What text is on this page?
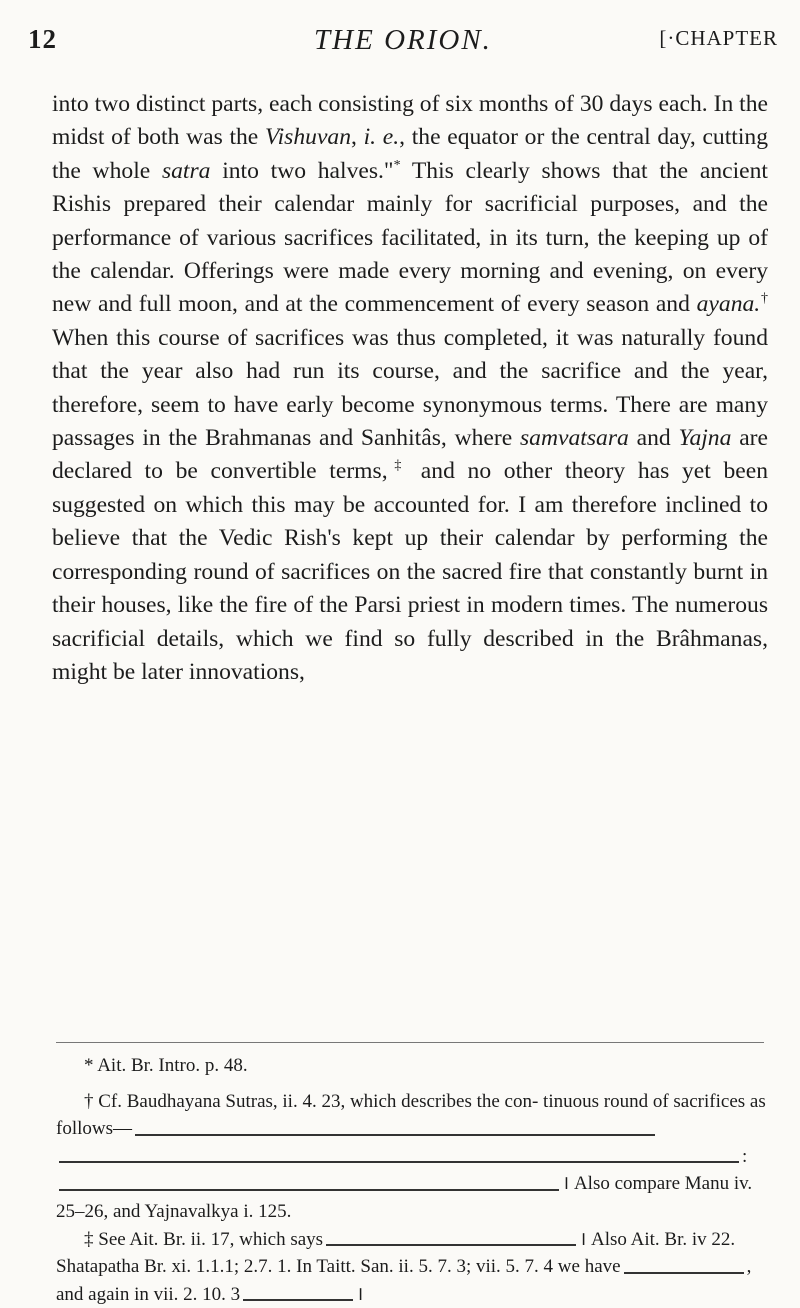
12	THE ORION.	[·CHAPTER

into two distinct parts, each consisting of six months of 30 days each. In the midst of both was the Vishuvan, i. e., the equator or the central day, cutting the whole satra into two halves."* This clearly shows that the ancient Rishis prepared their calendar mainly for sacrificial purposes, and the performance of various sacrifices facilitated, in its turn, the keeping up of the calendar. Offerings were made every morning and evening, on every new and full moon, and at the commencement of every season and ayana.† When this course of sacrifices was thus completed, it was naturally found that the year also had run its course, and the sacrifice and the year, therefore, seem to have early become synonymous terms. There are many passages in the Brahmanas and Sanhitâs, where samvatsara and Yajna are declared to be convertible terms,‡ and no other theory has yet been suggested on which this may be accounted for. I am therefore inclined to believe that the Vedic Rish's kept up their calendar by performing the corresponding round of sacrifices on the sacred fire that constantly burnt in their houses, like the fire of the Parsi priest in modern times. The numerous sacrificial details, which we find so fully described in the Brâhmanas, might be later innovations,

* Ait. Br. Intro. p. 48.

† Cf. Baudhayana Sutras, ii. 4. 23, which describes the con- tinuous round of sacrifices as follows—: । Also compare Manu iv. 25–26, and Yajnavalkya i. 125.

‡ See Ait. Br. ii. 17, which says	। Also Ait. Br. iv 22. Shatapatha Br. xi. 1.1.1; 2.7. 1. In Taitt. San. ii. 5. 7. 3; vii. 5. 7. 4 we have	, and again in vii. 2. 10. 3	।
